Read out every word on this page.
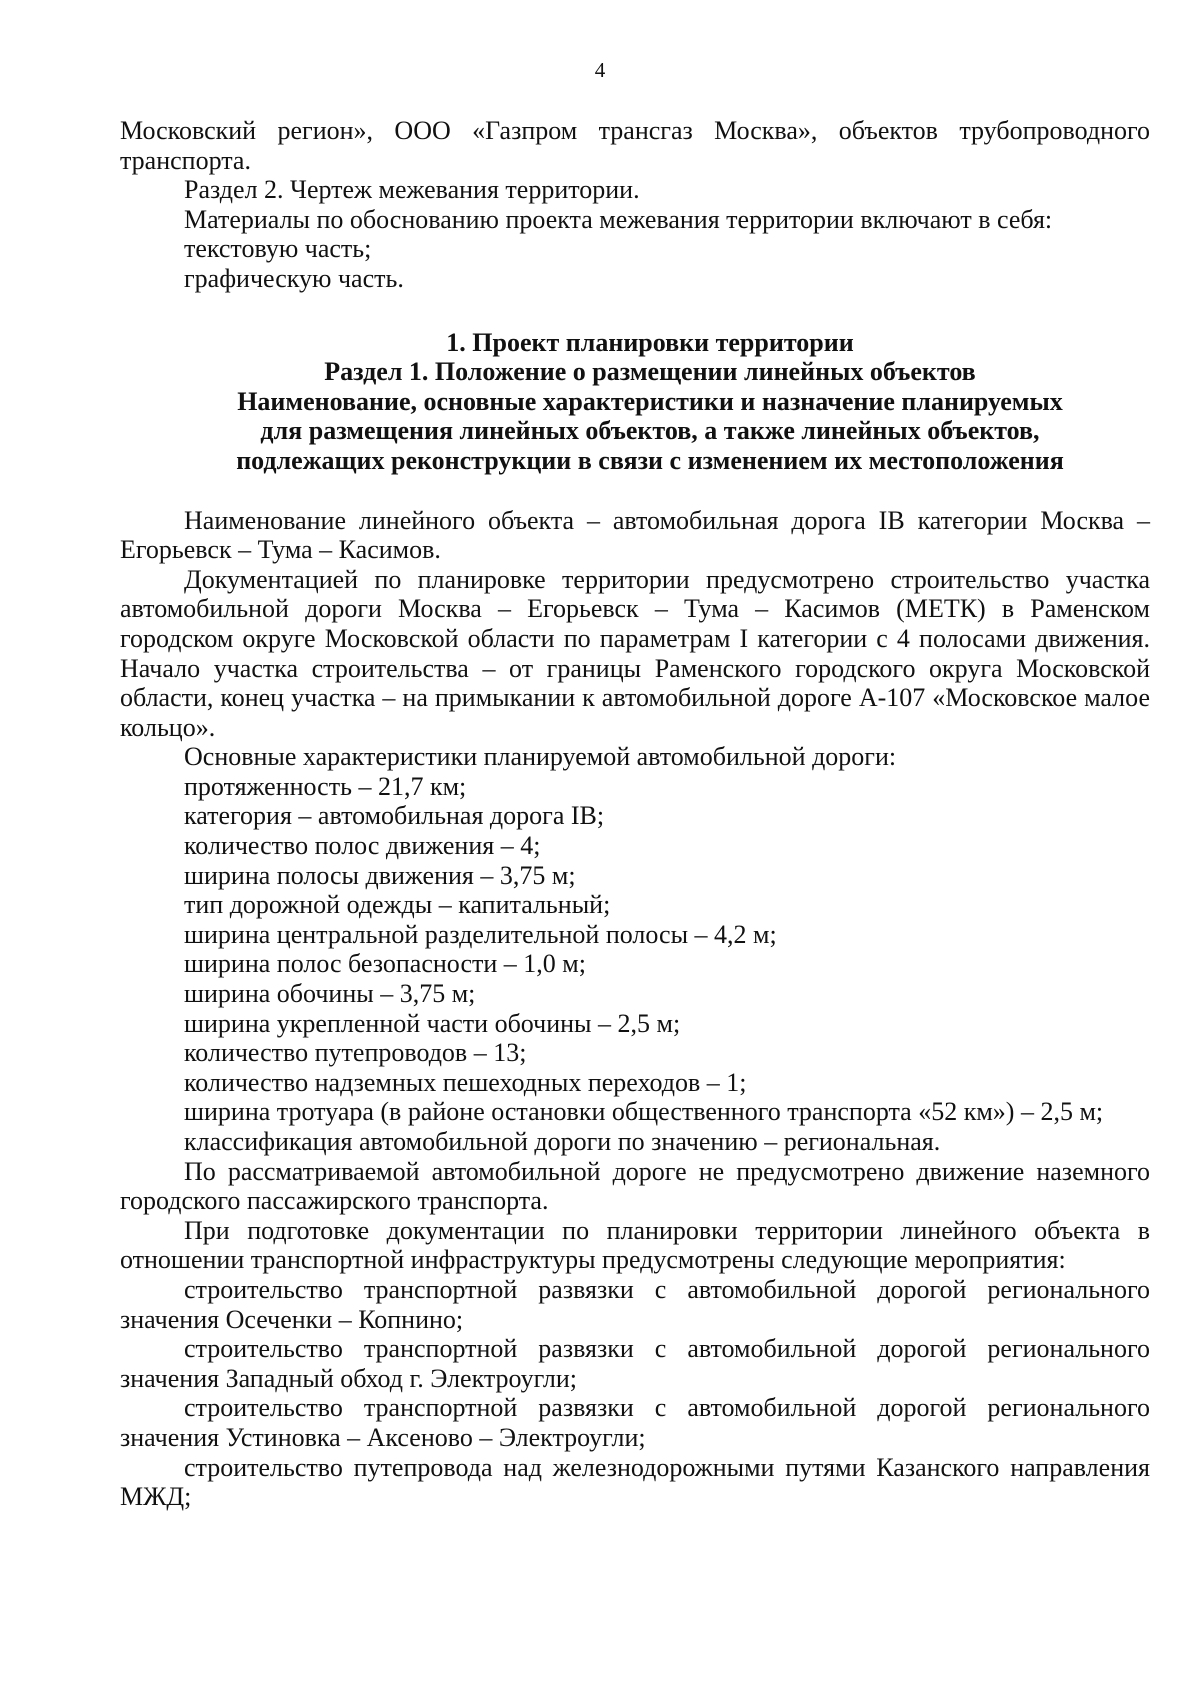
4

Московский регион», ООО «Газпром трансгаз Москва», объектов трубопроводного транспорта.

Раздел 2. Чертеж межевания территории.

Материалы по обоснованию проекта межевания территории включают в себя:

текстовую часть;

графическую часть.

1. Проект планировки территории

Раздел 1. Положение о размещении линейных объектов

Наименование, основные характеристики и назначение планируемых

для размещения линейных объектов, а также линейных объектов,

подлежащих реконструкции в связи с изменением их местоположения

Наименование линейного объекта – автомобильная дорога IB категории Москва – Егорьевск – Тума – Касимов.

Документацией по планировке территории предусмотрено строительство участка автомобильной дороги Москва – Егорьевск – Тума – Касимов (МЕТК) в Раменском городском округе Московской области по параметрам I категории с 4 полосами движения. Начало участка строительства – от границы Раменского городского округа Московской области, конец участка – на примыкании к автомобильной дороге А-107 «Московское малое кольцо».

Основные характеристики планируемой автомобильной дороги:

протяженность – 21,7 км;

категория – автомобильная дорога IB;

количество полос движения – 4;

ширина полосы движения – 3,75 м;

тип дорожной одежды – капитальный;

ширина центральной разделительной полосы – 4,2 м;

ширина полос безопасности – 1,0 м;

ширина обочины – 3,75 м;

ширина укрепленной части обочины – 2,5 м;

количество путепроводов – 13;

количество надземных пешеходных переходов – 1;

ширина тротуара (в районе остановки общественного транспорта «52 км») – 2,5 м;

классификация автомобильной дороги по значению – региональная.

По рассматриваемой автомобильной дороге не предусмотрено движение наземного городского пассажирского транспорта.

При подготовке документации по планировки территории линейного объекта в отношении транспортной инфраструктуры предусмотрены следующие мероприятия:

строительство транспортной развязки с автомобильной дорогой регионального значения Осеченки – Копнино;

строительство транспортной развязки с автомобильной дорогой регионального значения Западный обход г. Электроугли;

строительство транспортной развязки с автомобильной дорогой регионального значения Устиновка – Аксеново – Электроугли;

строительство путепровода над железнодорожными путями Казанского направления МЖД;
